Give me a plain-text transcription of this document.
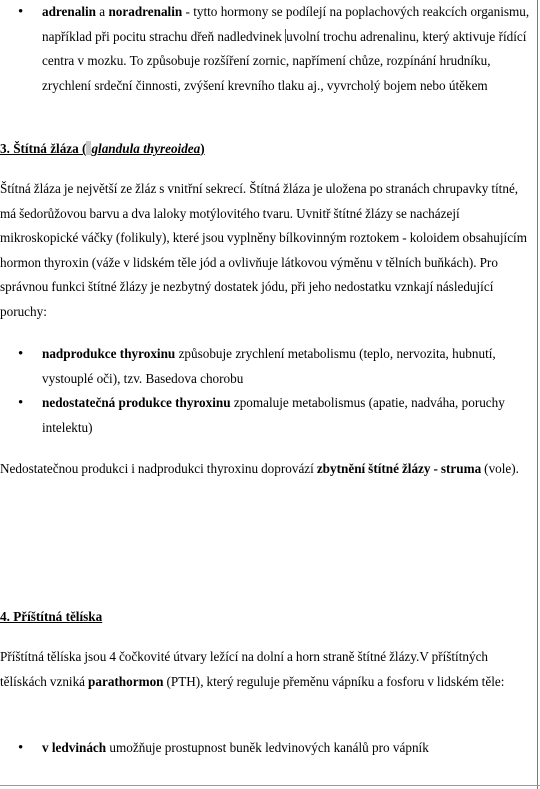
• adrenalin a noradrenalin - tytto hormony se podílejí na poplachových reakcích organismu, například při pocitu strachu dřeň nadledvinek uvolní trochu adrenalinu, který aktivuje řídící centra v mozku. To způsobuje rozšíření zornic, napřímení chůze, rozpínání hrudníku, zrychlení srdeční činnosti, zvýšení krevního tlaku aj., vyvrcholý bojem nebo útěkem
3. Štítná žláza ( glandula thyreoidea)

Štítná žláza je největší ze žláz s vnitřní sekrecí. Štítná žláza je uložena po stranách chrupavky títné, má šedorůžovou barvu a dva laloky motýlovitého tvaru. Uvnitř štítné žlázy se nacházejí mikroskopické váčky (folikuly), které jsou vyplněny bílkovinným roztokem - koloidem obsahujícím hormon thyroxin (váže v lidském těle jód a ovlivňuje látkovou výměnu v tělních buňkách). Pro správnou funkci štítné žlázy je nezbytný dostatek jódu, při jeho nedostatku vznkají následující poruchy:

• nadprodukce thyroxinu způsobuje zrychlení metabolismu (teplo, nervozita, hubnutí, vystouplé oči), tzv. Basedova chorobu
• nedostatečná produkce thyroxinu zpomaluje metabolismus (apatie, nadváha, poruchy intelektu)

Nedostatečnou produkci i nadprodukci thyroxinu doprovází zbytnění štítné žlázy - struma (vole).

4. Příštítná tělíska

Příštítná tělíska jsou 4 čočkovité útvary ležící na dolní a horn straně štítné žlázy.V příštítných tělískách vzniká parathormon (PTH), který reguluje přeměnu vápníku a fosforu v lidském těle:

• v ledvinách umožňuje prostupnost buněk ledvinových kanálů pro vápník
